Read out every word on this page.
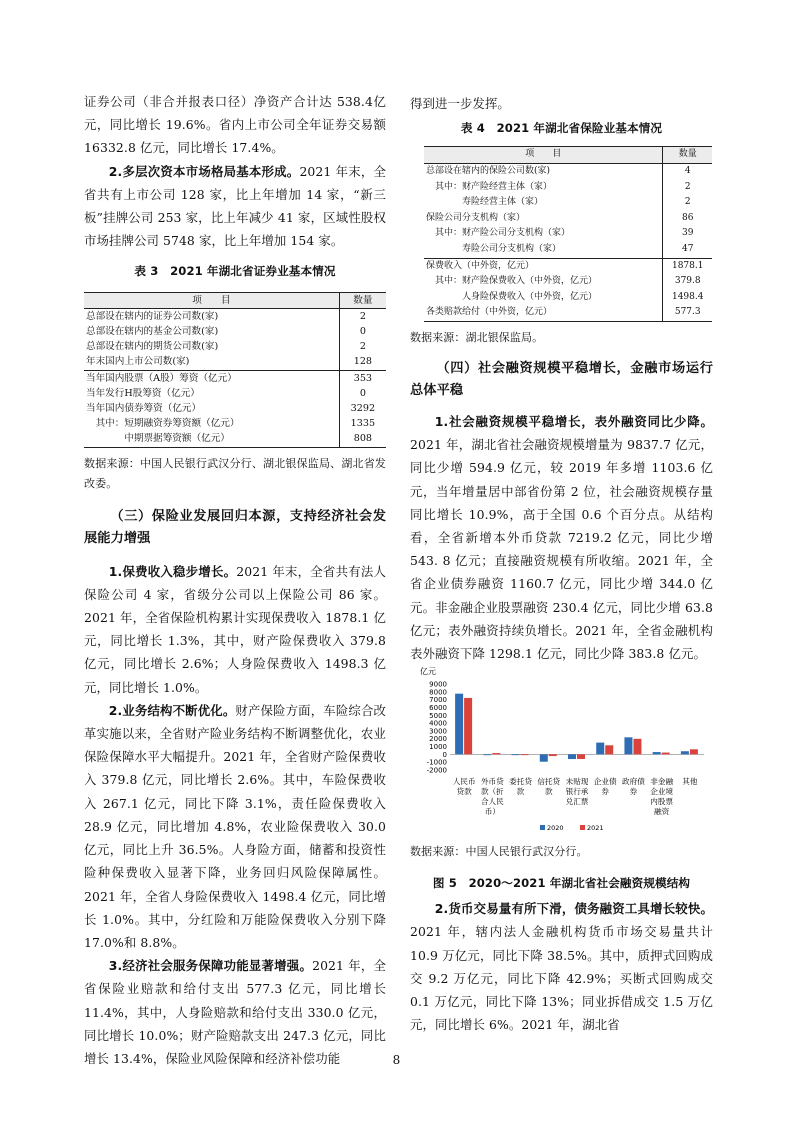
证券公司（非合并报表口径）净资产合计达 538.4亿元，同比增长 19.6%。省内上市公司全年证券交易额 16332.8 亿元，同比增长 17.4%。

2.多层次资本市场格局基本形成。2021 年末，全省共有上市公司 128 家，比上年增加 14 家，“新三板”挂牌公司 253 家，比上年减少 41 家，区域性股权市场挂牌公司 5748 家，比上年增加 154 家。

表 3　2021 年湖北省证券业基本情况

项　　目	数量
总部设在辖内的证券公司数(家)	2
总部设在辖内的基金公司数(家)	0
总部设在辖内的期货公司数(家)	2
年末国内上市公司数(家)	128
当年国内股票（A股）筹资（亿元）	353
当年发行H股筹资（亿元）	0
当年国内债券筹资（亿元）	3292
　其中：短期融资券筹资额（亿元）	1335
　　　　中期票据筹资额（亿元）	808

数据来源：中国人民银行武汉分行、湖北银保监局、湖北省发改委。

（三）保险业发展回归本源，支持经济社会发展能力增强

1.保费收入稳步增长。2021 年末，全省共有法人保险公司 4 家，省级分公司以上保险公司 86 家。2021 年，全省保险机构累计实现保费收入 1878.1 亿元，同比增长 1.3%，其中，财产险保费收入 379.8 亿元，同比增长 2.6%；人身险保费收入 1498.3 亿元，同比增长 1.0%。

2.业务结构不断优化。财产保险方面，车险综合改革实施以来，全省财产险业务结构不断调整优化，农业保险保障水平大幅提升。2021 年，全省财产险保费收入 379.8 亿元，同比增长 2.6%。其中，车险保费收入 267.1 亿元，同比下降 3.1%，责任险保费收入 28.9 亿元，同比增加 4.8%，农业险保费收入 30.0 亿元，同比上升 36.5%。人身险方面，储蓄和投资性险种保费收入显著下降，业务回归风险保障属性。2021 年，全省人身险保费收入 1498.4 亿元，同比增长 1.0%。其中，分红险和万能险保费收入分别下降 17.0%和 8.8%。

3.经济社会服务保障功能显著增强。2021 年，全省保险业赔款和给付支出 577.3 亿元，同比增长 11.4%，其中，人身险赔款和给付支出 330.0 亿元，同比增长 10.0%；财产险赔款支出 247.3 亿元，同比增长 13.4%，保险业风险保障和经济补偿功能

得到进一步发挥。

表 4　2021 年湖北省保险业基本情况

项　　目	数量
总部设在辖内的保险公司数(家)	4
　其中：财产险经营主体（家）	2
　　　　寿险经营主体（家）	2
保险公司分支机构（家）	86
　其中：财产险公司分支机构（家）	39
　　　　寿险公司分支机构（家）	47
保费收入（中外资，亿元）	1878.1
　其中：财产险保费收入（中外资，亿元）	379.8
　　　　人身险保费收入（中外资，亿元）	1498.4
各类赔款给付（中外资，亿元）	577.3

数据来源：湖北银保监局。

（四）社会融资规模平稳增长，金融市场运行总体平稳

1.社会融资规模平稳增长，表外融资同比少降。2021 年，湖北省社会融资规模增量为 9837.7 亿元，同比少增 594.9 亿元，较 2019 年多增 1103.6 亿元，当年增量居中部省份第 2 位，社会融资规模存量同比增长 10.9%，高于全国 0.6 个百分点。从结构看，全省新增本外币贷款 7219.2 亿元，同比少增 543. 8 亿元；直接融资规模有所收缩。2021 年，全省企业债券融资 1160.7 亿元，同比少增 344.0 亿元。非金融企业股票融资 230.4 亿元，同比少增 63.8 亿元；表外融资持续负增长。2021 年，全省金融机构表外融资下降 1298.1 亿元，同比少降 383.8 亿元。

亿元
-2000
-1000
0
1000
2000
3000
4000
5000
6000
7000
8000
9000
人民币
贷款
外币贷
款（折
合人民
币）
委托贷
款
信托贷
款
未贴现
银行承
兑汇票
企业债
券
政府债
券
非金融
企业境
内股票
融资
其他
2020	2021

数据来源：中国人民银行武汉分行。

图 5　2020～2021 年湖北省社会融资规模结构

2.货币交易量有所下滑，债务融资工具增长较快。2021 年，辖内法人金融机构货币市场交易量共计 10.9 万亿元，同比下降 38.5%。其中，质押式回购成交 9.2 万亿元，同比下降 42.9%；买断式回购成交 0.1 万亿元，同比下降 13%；同业拆借成交 1.5 万亿元，同比增长 6%。2021 年，湖北省

8
